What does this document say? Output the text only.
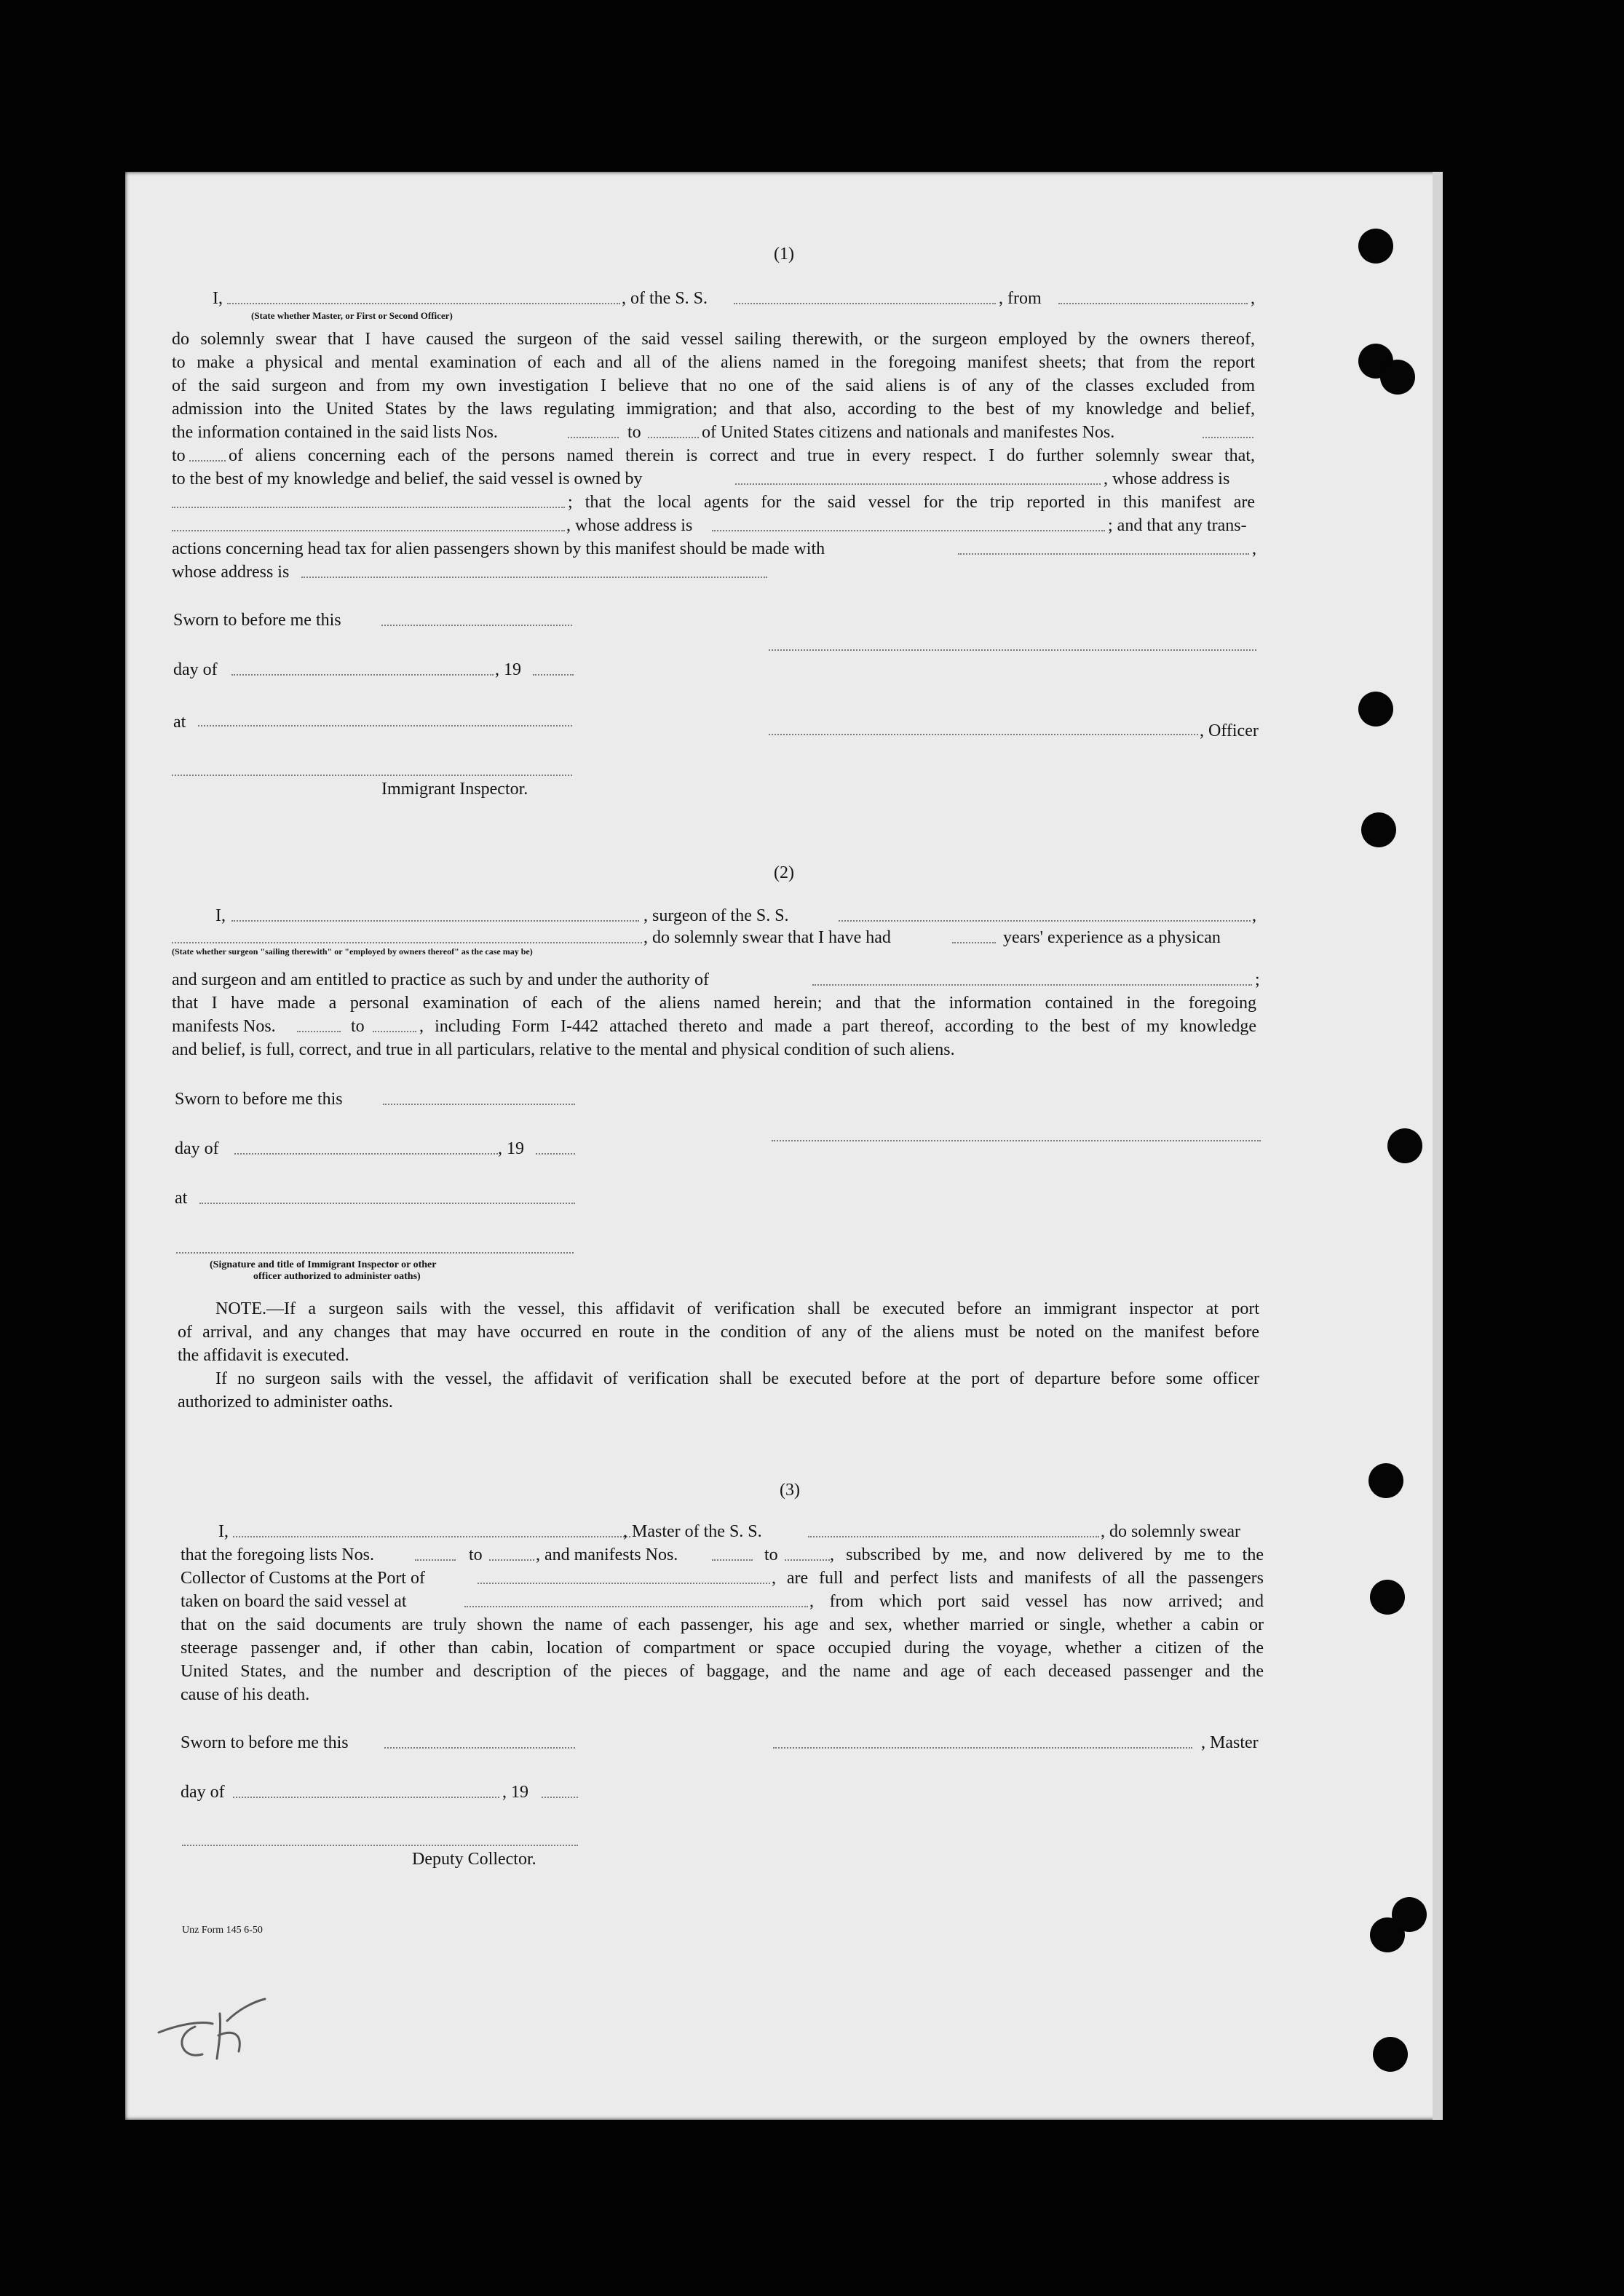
(1)
I,	, of the S. S.	, from	,
(State whether Master, or First or Second Officer)
do solemnly swear that I have caused the surgeon of the said vessel sailing therewith, or the surgeon employed by the owners thereof,
to make a physical and mental examination of each and all of the aliens named in the foregoing manifest sheets; that from the report
of the said surgeon and from my own investigation I believe that no one of the said aliens is of any of the classes excluded from
admission into the United States by the laws regulating immigration; and that also, according to the best of my knowledge and belief,
the information contained in the said lists Nos.	to	of United States citizens and nationals and manifestes Nos.
to of aliens concerning each of the persons named therein is correct and true in every respect. I do further solemnly swear that,
to the best of my knowledge and belief, the said vessel is owned by	, whose address is
; that the local agents for the said vessel for the trip reported in this manifest are
, whose address is	; and that any trans-
actions concerning head tax for alien passengers shown by this manifest should be made with	,
whose address is
Sworn to before me this
day of	, 19
at	, Officer
Immigrant Inspector.
(2)
I,	, surgeon of the S. S.	,
, do solemnly swear that I have had	years' experience as a physican
(State whether surgeon "sailing therewith" or "employed by owners thereof" as the case may be)
and surgeon and am entitled to practice as such by and under the authority of	;
that I have made a personal examination of each of the aliens named herein; and that the information contained in the foregoing
manifests Nos.	to	, including Form I-442 attached thereto and made a part thereof, according to the best of my knowledge
and belief, is full, correct, and true in all particulars, relative to the mental and physical condition of such aliens.
Sworn to before me this
day of	, 19
at
(Signature and title of Immigrant Inspector or other
officer authorized to administer oaths)
NOTE.—If a surgeon sails with the vessel, this affidavit of verification shall be executed before an immigrant inspector at port
of arrival, and any changes that may have occurred en route in the condition of any of the aliens must be noted on the manifest before
the affidavit is executed.
If no surgeon sails with the vessel, the affidavit of verification shall be executed before at the port of departure before some officer
authorized to administer oaths.
(3)
I,	, Master of the S. S.	, do solemnly swear
that the foregoing lists Nos.	to	, and manifests Nos.	to	, subscribed by me, and now delivered by me to the
Collector of Customs at the Port of	, are full and perfect lists and manifests of all the passengers
taken on board the said vessel at	, from which port said vessel has now arrived; and
that on the said documents are truly shown the name of each passenger, his age and sex, whether married or single, whether a cabin or
steerage passenger and, if other than cabin, location of compartment or space occupied during the voyage, whether a citizen of the
United States, and the number and description of the pieces of baggage, and the name and age of each deceased passenger and the
cause of his death.
Sworn to before me this	, Master
day of	, 19
Deputy Collector.
Unz Form 145 6-50
